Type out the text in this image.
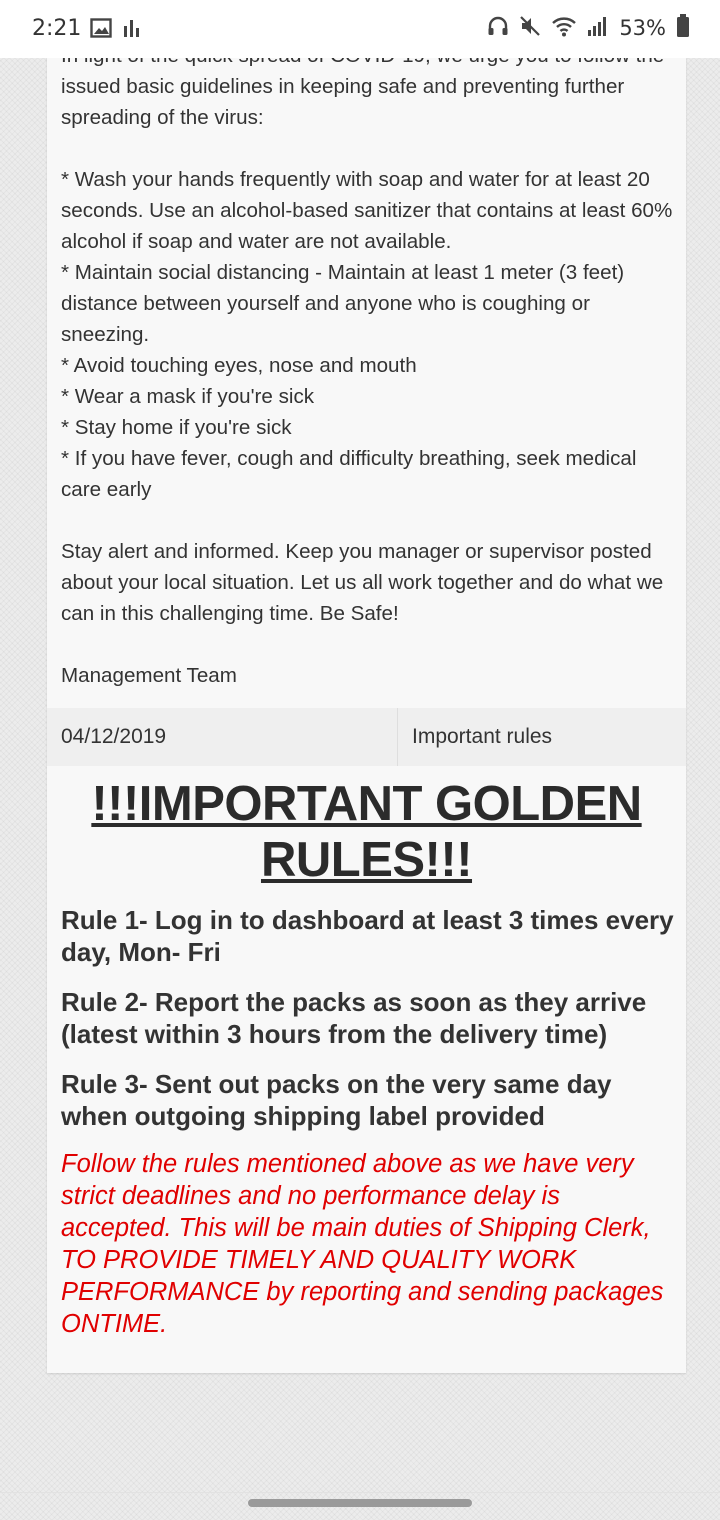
issued basic guidelines in keeping safe and preventing further spreading of the virus:

* Wash your hands frequently with soap and water for at least 20 seconds. Use an alcohol-based sanitizer that contains at least 60% alcohol if soap and water are not available.
* Maintain social distancing - Maintain at least 1 meter (3 feet) distance between yourself and anyone who is coughing or sneezing.
* Avoid touching eyes, nose and mouth
* Wear a mask if you're sick
* Stay home if you're sick
* If you have fever, cough and difficulty breathing, seek medical care early

Stay alert and informed. Keep you manager or supervisor posted about your local situation. Let us all work together and do what we can in this challenging time. Be Safe!

Management Team
04/12/2019	Important rules
!!!IMPORTANT GOLDEN RULES!!!
Rule 1- Log in to dashboard at least 3 times every day, Mon- Fri
Rule 2- Report the packs as soon as they arrive (latest within 3 hours from the delivery time)
Rule 3- Sent out packs on the very same day when outgoing shipping label provided
Follow the rules mentioned above as we have very strict deadlines and no performance delay is accepted. This will be main duties of Shipping Clerk, TO PROVIDE TIMELY AND QUALITY WORK PERFORMANCE by reporting and sending packages ONTIME.
2:21	53%
